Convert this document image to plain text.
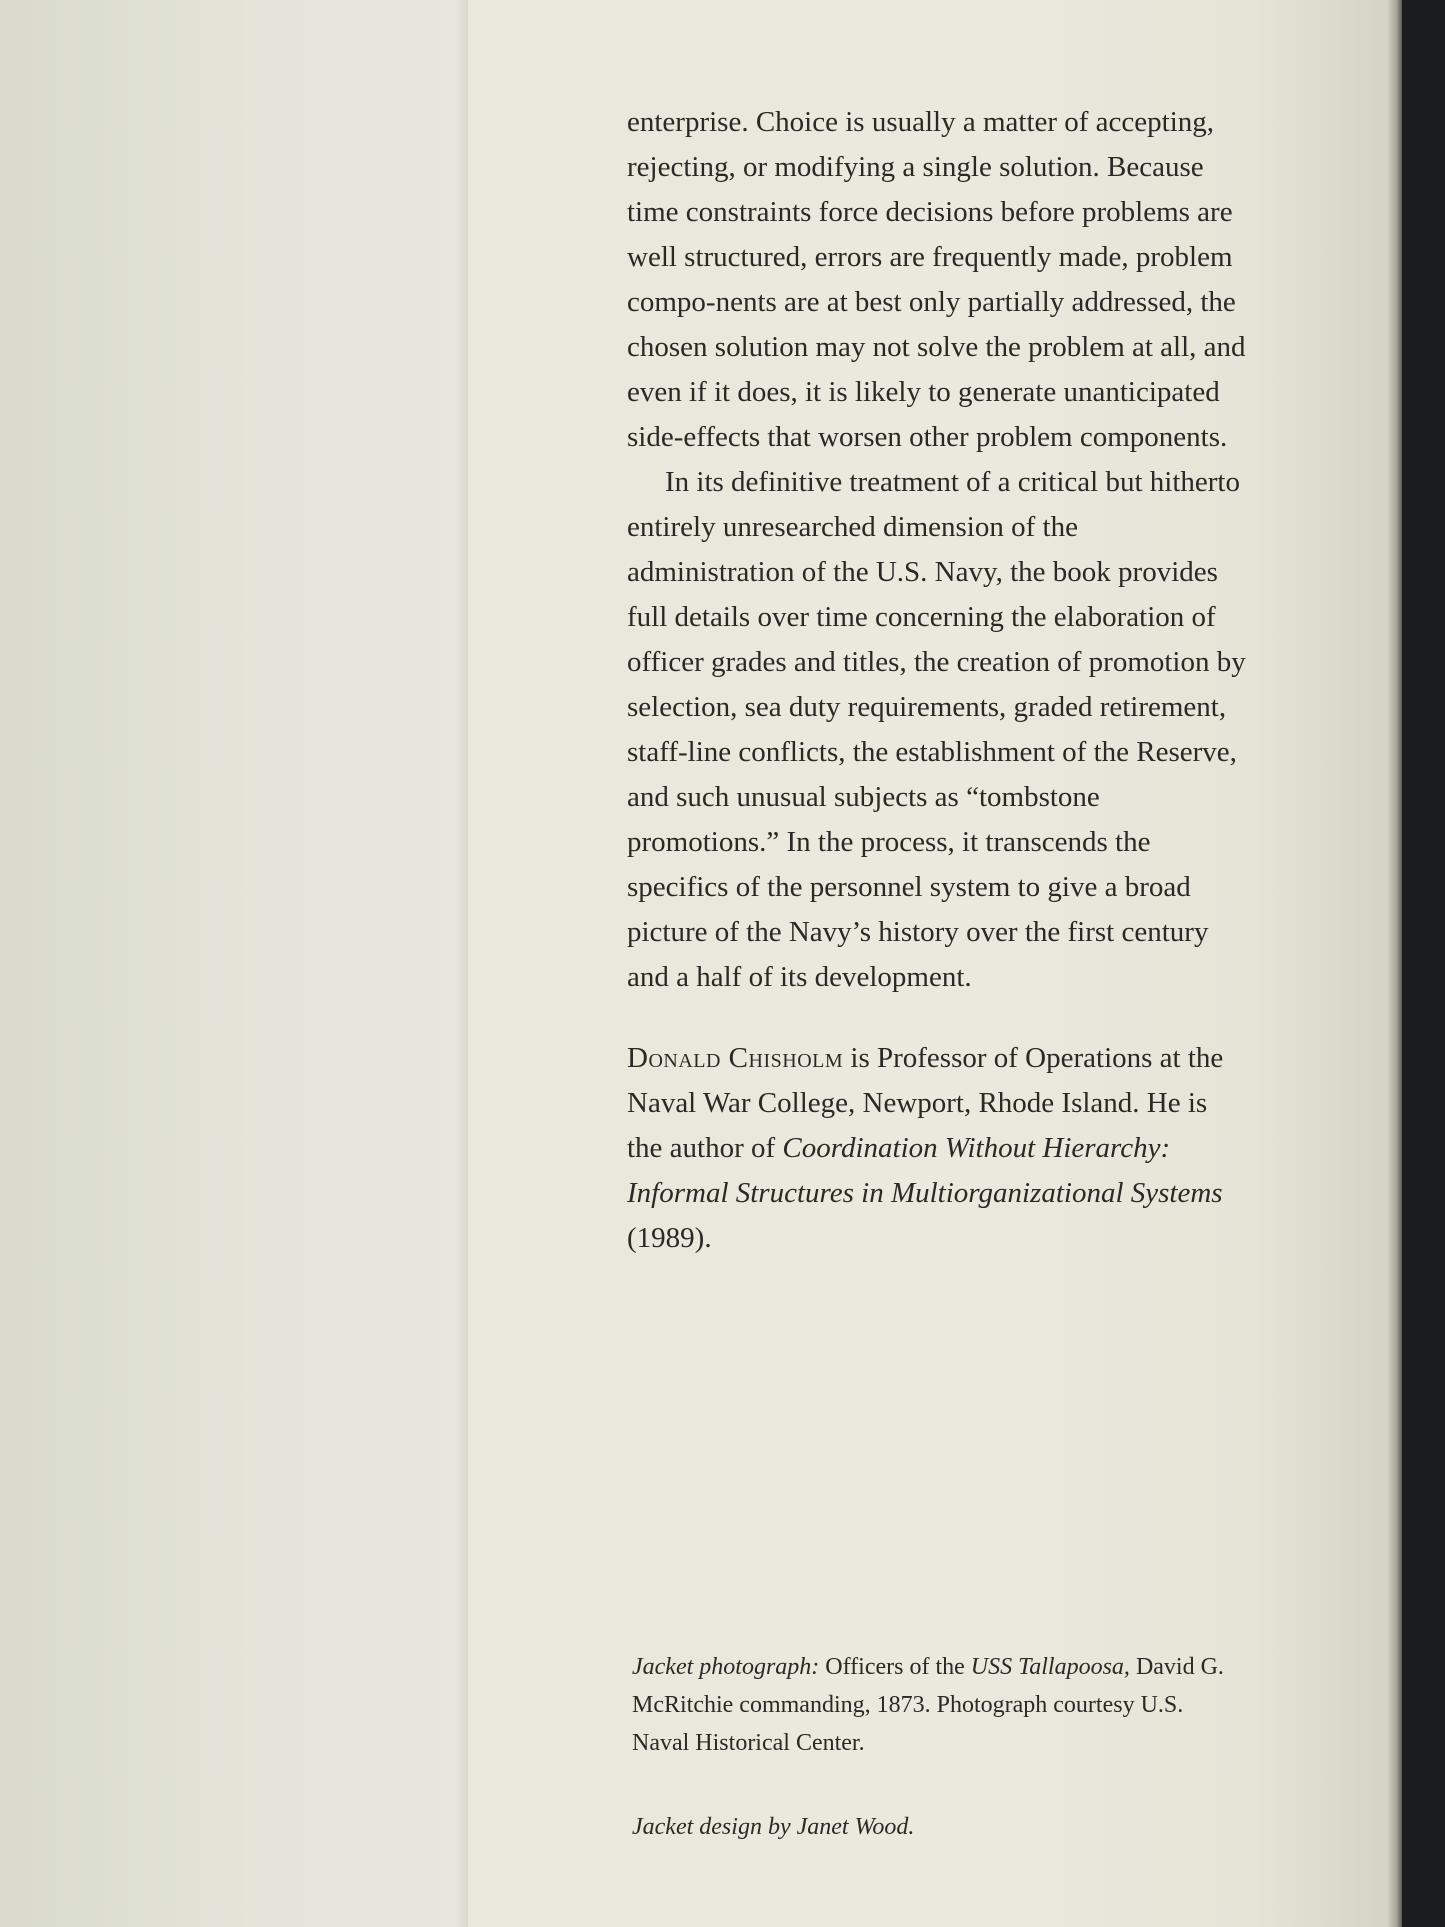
enterprise. Choice is usually a matter of accepting, rejecting, or modifying a single solution. Because time constraints force decisions before problems are well structured, errors are frequently made, problem compo-nents are at best only partially addressed, the chosen solution may not solve the problem at all, and even if it does, it is likely to generate unanticipated side-effects that worsen other problem components.

In its definitive treatment of a critical but hitherto entirely unresearched dimension of the administration of the U.S. Navy, the book provides full details over time concerning the elaboration of officer grades and titles, the creation of promotion by selection, sea duty requirements, graded retirement, staff-line conflicts, the establishment of the Reserve, and such unusual subjects as “tombstone promotions.” In the process, it transcends the specifics of the personnel system to give a broad picture of the Navy’s history over the first century and a half of its development.

Donald Chisholm is Professor of Operations at the Naval War College, Newport, Rhode Island. He is the author of Coordination Without Hierarchy: Informal Structures in Multiorganizational Systems (1989).

Jacket photograph: Officers of the USS Tallapoosa, David G. McRitchie commanding, 1873. Photograph courtesy U.S. Naval Historical Center.

Jacket design by Janet Wood.
